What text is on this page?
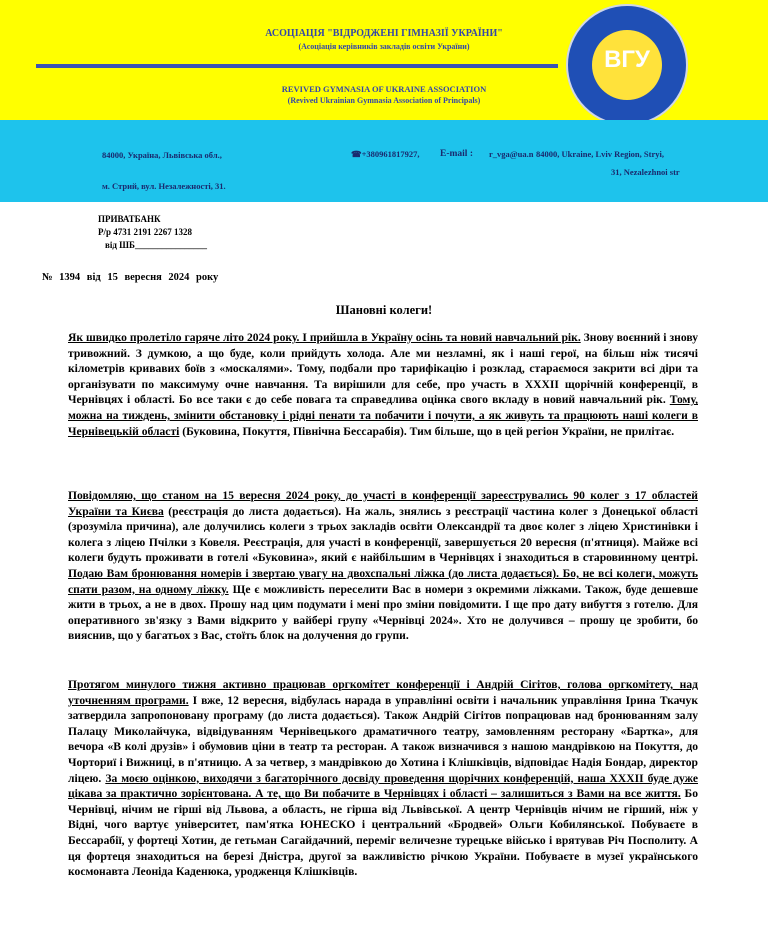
АСОЦІАЦІЯ "ВІДРОДЖЕНІ ГІМНАЗІЇ УКРАЇНИ"
(Асоціація керівників закладів освіти України)
REVIVED GYMNASIA OF UKRAINE ASSOCIATION
(Revived Ukrainian Gymnasia Association of Principals)
ВГУ
84000, Україна, Львівська обл.,
м. Стрий, вул. Незалежності, 31.
☎+380961817927, E-mail : r_vga@ua.n 84000, Ukraine, Lviv Region, Stryi,
31, Nezalezhnoi str
ПРИВАТБАНК
Р/р 4731 2191 2267 1328
від ШБ________________
№ 1394 від 15 вересня 2024 року
Шановні колеги!
Як швидко пролетіло гаряче літо 2024 року. І прийшла в Україну осінь та новий навчальний рік. Знову воєнний і знову тривожний. З думкою, а що буде, коли прийдуть холода. Але ми незламні, як і наші герої, на більш ніж тисячі кілометрів кривавих боїв з «москалями». Тому, подбали про тарифікацію і розклад, стараємося закрити всі діри та організувати по максимуму очне навчання. Та вирішили для себе, про участь в XXXII щорічній конференції, в Чернівцях і області. Бо все таки є до себе повага та справедлива оцінка свого вкладу в новий навчальний рік. Тому, можна на тиждень, змінити обстановку і рідні пенати та побачити і почути, а як живуть та працюють наші колеги в Чернівецькій області (Буковина, Покуття, Північна Бессарабія). Тим більше, що в цей регіон України, не прилітає.
Повідомляю, що станом на 15 вересня 2024 року, до участі в конференції зареєструвались 90 колег з 17 областей України та Києва (реєстрація до листа додається). На жаль, знялись з реєстрації частина колег з Донецької області (зрозуміла причина), але долучились колеги з трьох закладів освіти Олександрії та двоє колег з ліцею Христинівки і колега з ліцею Пчілки з Ковеля. Реєстрація, для участі в конференції, завершується 20 вересня (п'ятниця). Майже всі колеги будуть проживати в готелі «Буковина», який є найбільшим в Чернівцях і знаходиться в старовинному центрі. Подаю Вам бронювання номерів і звертаю увагу на двохспальні ліжка (до листа додається). Бо, не всі колеги, можуть спати разом, на одному ліжку. Ще є можливість переселити Вас в номери з окремими ліжками. Також, буде дешевше жити в трьох, а не в двох. Прошу над цим подумати і мені про зміни повідомити. І ще про дату вибуття з готелю. Для оперативного зв'язку з Вами відкрито у вайбері групу «Чернівці 2024». Хто не долучився – прошу це зробити, бо вияснив, що у багатьох з Вас, стоїть блок на долучення до групи.
Протягом минулого тижня активно працював оргкомітет конференції і Андрій Сігітов, голова оргкомітету, над уточненням програми. І вже, 12 вересня, відбулась нарада в управлінні освіти і начальник управління Ірина Ткачук затвердила запропоновану програму (до листа додається). Також Андрій Сігітов попрацював над бронюванням залу Палацу Миколайчука, відвідуванням Чернівецького драматичного театру, замовленням ресторану «Бартка», для вечора «В колі друзів» і обумовив ціни в театр та ресторан. А також визначився з нашою мандрівкою на Покуття, до Чорториї і Вижниці, в п'ятницю. А за четвер, з мандрівкою до Хотина і Клішківців, відповідає Надія Бондар, директор ліцею. За моєю оцінкою, виходячи з багаторічного досвіду проведення щорічних конференцій, наша XXXII буде дуже цікава за практично зорієнтована. А те, що Ви побачите в Чернівцях і області – залишиться з Вами на все життя. Бо Чернівці, нічим не гірші від Львова, а область, не гірша від Львівської. А центр Чернівців нічим не гірший, ніж у Відні, чого вартує університет, пам'ятка ЮНЕСКО і центральний «Бродвей» Ольги Кобилянської. Побуваєте в Бессарабії, у фортеці Хотин, де гетьман Сагайдачний, переміг величезне турецьке військо і врятував Річ Посполиту. А ця фортеця знаходиться на березі Дністра, другої за важливістю річкою України. Побуваєте в музеї українського космонавта Леоніда Каденюка, уродженця Клішківців.
